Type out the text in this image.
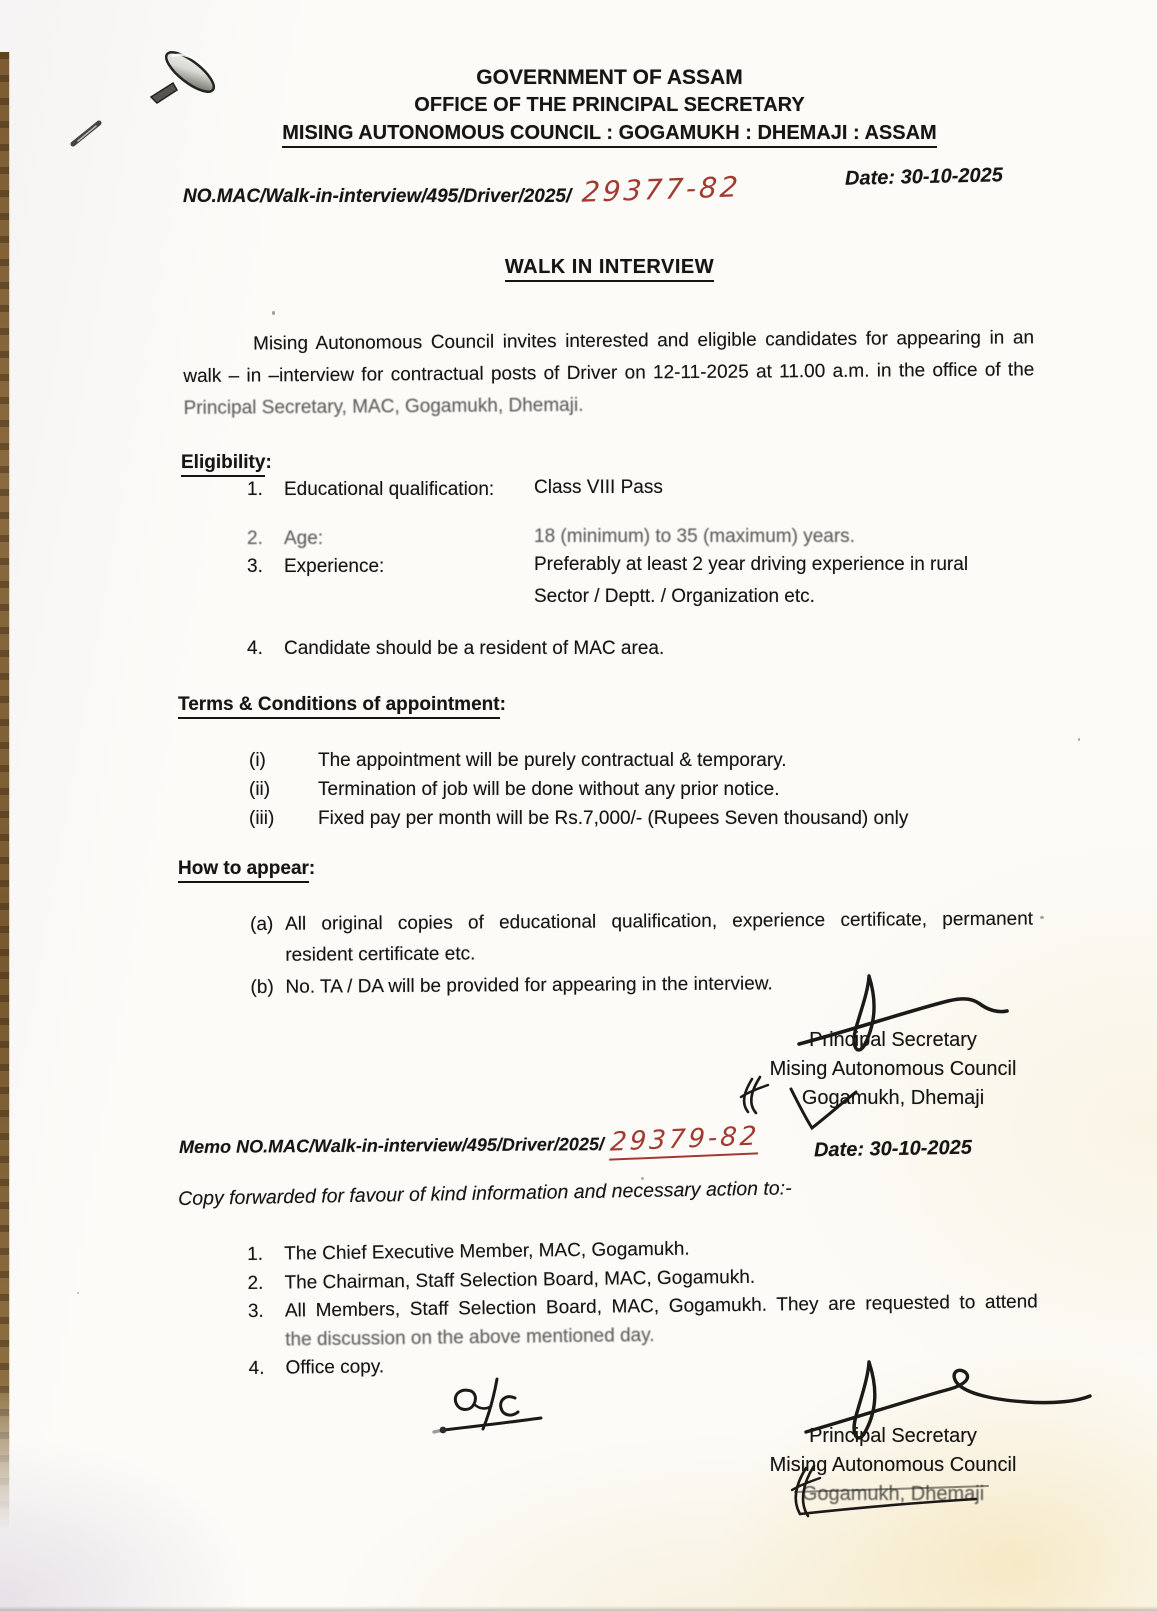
GOVERNMENT OF ASSAM
OFFICE OF THE PRINCIPAL SECRETARY
MISING AUTONOMOUS COUNCIL : GOGAMUKH : DHEMAJI : ASSAM
NO.MAC/Walk-in-interview/495/Driver/2025/ 29377-82	Date: 30-10-2025
WALK IN INTERVIEW
Mising Autonomous Council invites interested and eligible candidates for appearing in an
walk – in –interview for contractual posts of Driver on 12-11-2025 at 11.00 a.m. in the office of the
Principal Secretary, MAC, Gogamukh, Dhemaji.
Eligibility:
1. Educational qualification: Class VIII Pass
2. Age:	18 (minimum) to 35 (maximum) years.
3. Experience:	Preferably at least 2 year driving experience in rural
Sector / Deptt. / Organization etc.
4. Candidate should be a resident of MAC area.
Terms & Conditions of appointment:
(i)	The appointment will be purely contractual & temporary.
(ii)	Termination of job will be done without any prior notice.
(iii) Fixed pay per month will be Rs.7,000/- (Rupees Seven thousand) only
How to appear:
(a) All original copies of educational qualification, experience certificate, permanent
resident certificate etc.
(b) No. TA / DA will be provided for appearing in the interview.
Principal Secretary
Mising Autonomous Council
Gogamukh, Dhemaji
Memo NO.MAC/Walk-in-interview/495/Driver/2025/ 29379-82	Date: 30-10-2025
Copy forwarded for favour of kind information and necessary action to:-
1. The Chief Executive Member, MAC, Gogamukh.
2. The Chairman, Staff Selection Board, MAC, Gogamukh.
3. All Members, Staff Selection Board, MAC, Gogamukh. They are requested to attend
the discussion on the above mentioned day.
4. Office copy.
Principal Secretary
Mising Autonomous Council
Gogamukh, Dhemaji
